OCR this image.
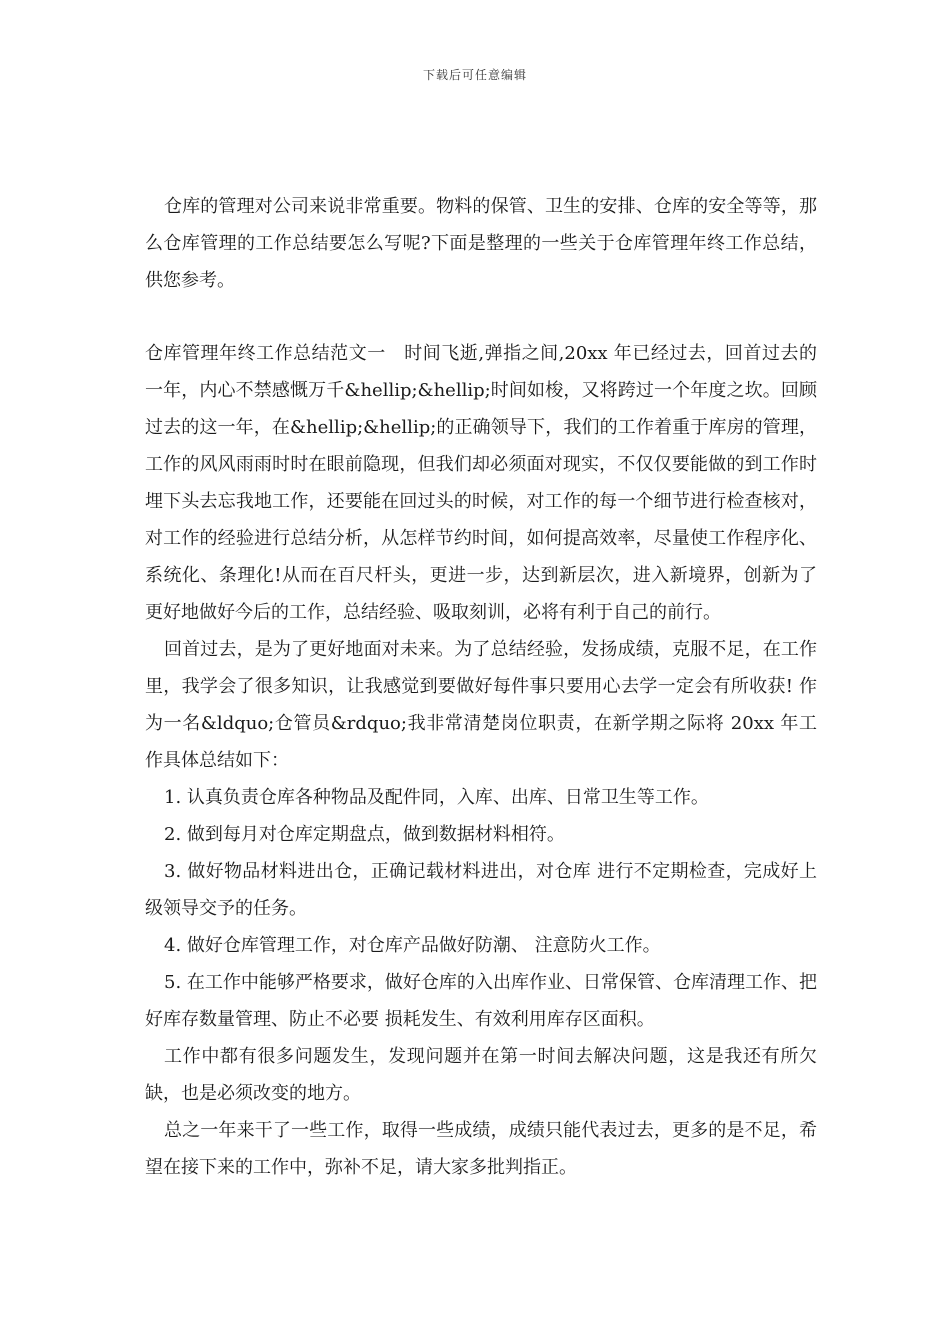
下载后可任意编辑

仓库的管理对公司来说非常重要。物料的保管、卫生的安排、仓库的安全等等，那么仓库管理的工作总结要怎么写呢?下面是整理的一些关于仓库管理年终工作总结，供您参考。

仓库管理年终工作总结范文一　时间飞逝,弹指之间,20xx 年已经过去，回首过去的一年，内心不禁感慨万千&hellip;&hellip;时间如梭，又将跨过一个年度之坎。回顾过去的这一年，在&hellip;&hellip;的正确领导下，我们的工作着重于库房的管理，工作的风风雨雨时时在眼前隐现，但我们却必须面对现实，不仅仅要能做的到工作时埋下头去忘我地工作，还要能在回过头的时候，对工作的每一个细节进行检查核对，对工作的经验进行总结分析，从怎样节约时间，如何提高效率，尽量使工作程序化、系统化、条理化!从而在百尺杆头，更进一步，达到新层次，进入新境界，创新为了更好地做好今后的工作，总结经验、吸取刻训，必将有利于自己的前行。

回首过去，是为了更好地面对未来。为了总结经验，发扬成绩，克服不足，在工作里，我学会了很多知识，让我感觉到要做好每件事只要用心去学一定会有所收获! 作为一名&ldquo;仓管员&rdquo;我非常清楚岗位职责，在新学期之际将 20xx 年工作具体总结如下：

1. 认真负责仓库各种物品及配件同，入库、出库、日常卫生等工作。

2. 做到每月对仓库定期盘点，做到数据材料相符。

3. 做好物品材料进出仓，正确记载材料进出，对仓库 进行不定期检查，完成好上级领导交予的任务。

4. 做好仓库管理工作，对仓库产品做好防潮、 注意防火工作。

5. 在工作中能够严格要求，做好仓库的入出库作业、日常保管、仓库清理工作、把好库存数量管理、防止不必要 损耗发生、有效利用库存区面积。

工作中都有很多问题发生，发现问题并在第一时间去解决问题，这是我还有所欠缺，也是必须改变的地方。

总之一年来干了一些工作，取得一些成绩，成绩只能代表过去，更多的是不足，希望在接下来的工作中，弥补不足，请大家多批判指正。
